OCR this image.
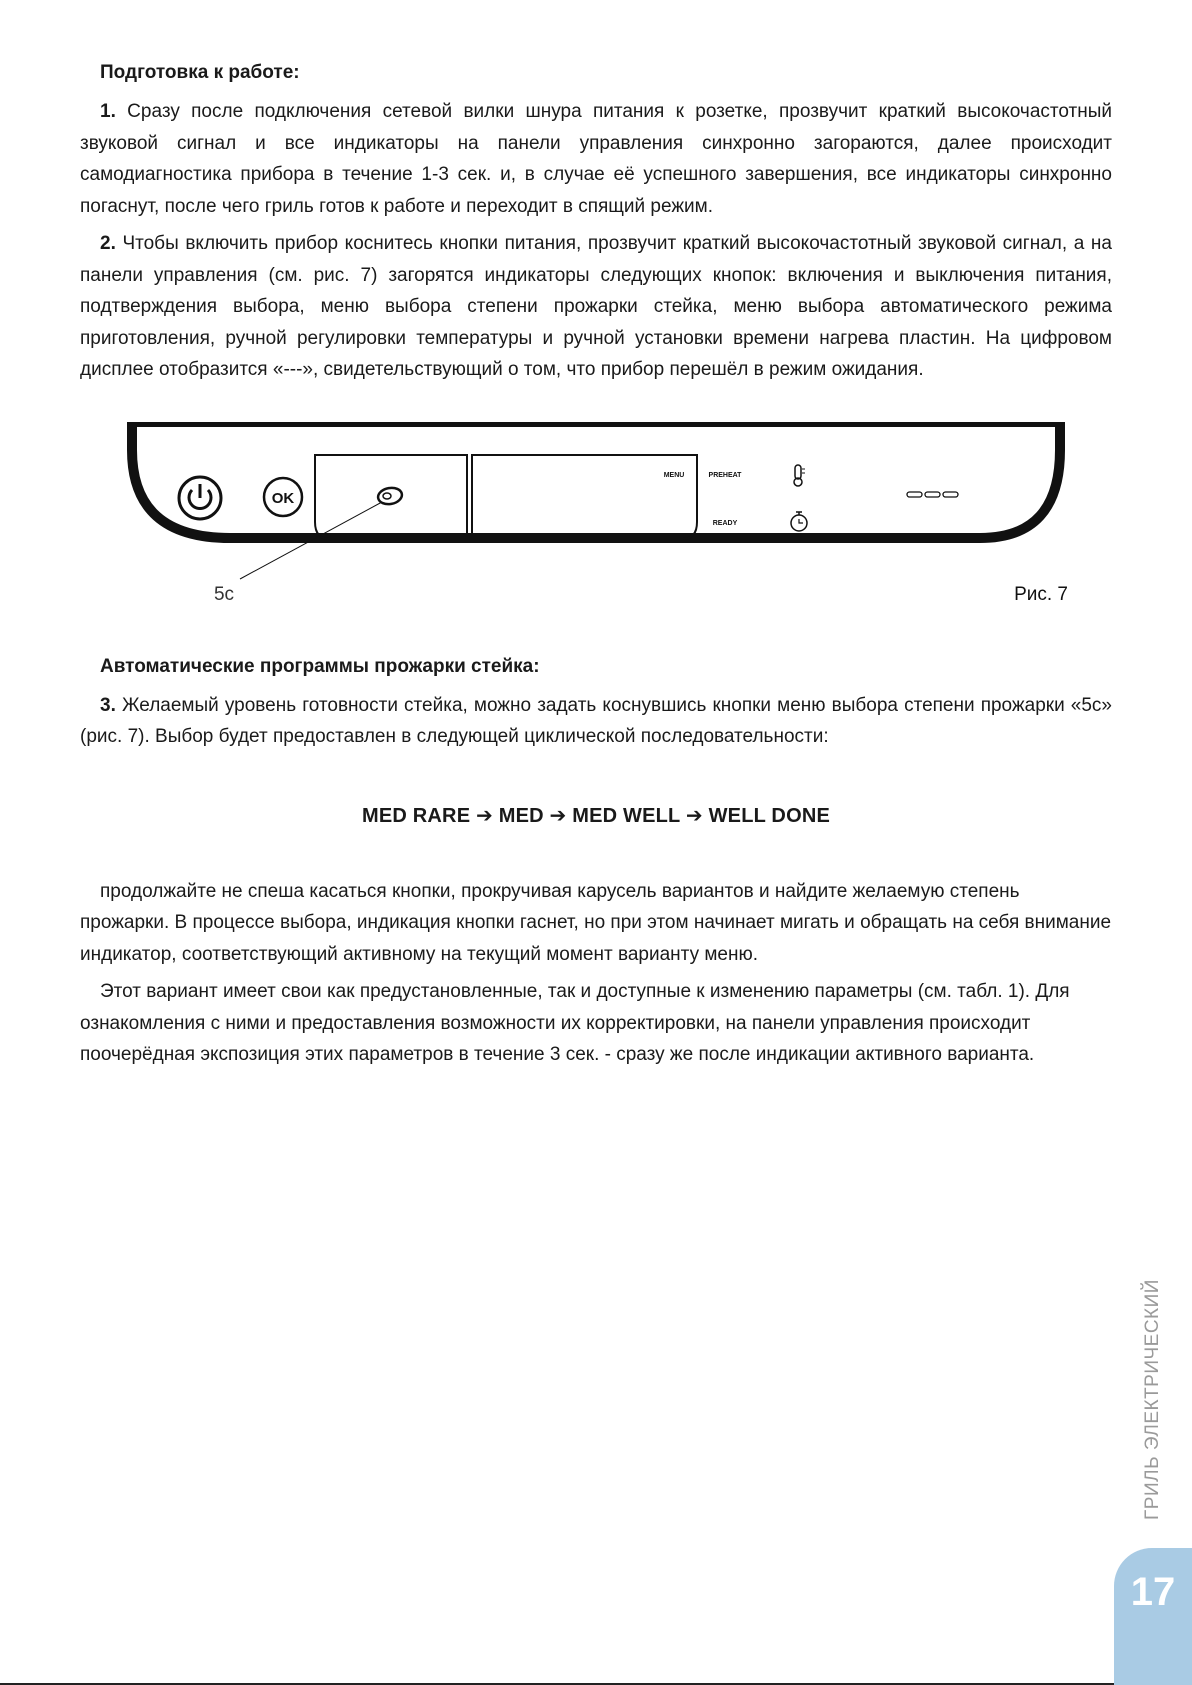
Подготовка к работе:

1. Сразу после подключения сетевой вилки шнура питания к розетке, прозвучит краткий высокочастотный звуковой сигнал и все индикаторы на панели управления синхронно загораются, далее происходит самодиагностика прибора в течение 1-3 сек. и, в случае её успешного завершения, все индикаторы синхронно погаснут, после чего гриль готов к работе и переходит в спящий режим.

2. Чтобы включить прибор коснитесь кнопки питания, прозвучит краткий высокочастотный звуковой сигнал, а на панели управления (см. рис. 7) загорятся индикаторы следующих кнопок: включения и выключения питания, подтверждения выбора, меню выбора степени прожарки стейка, меню выбора автоматического режима приготовления, ручной регулировки температуры и ручной установки времени нагрева пластин. На цифровом дисплее отобразится «---», свидетельствующий о том, что прибор перешёл в режим ожидания.

OK
MENU	PREHEAT
READY
5c	Рис. 7
Автоматические программы прожарки стейка:

3. Желаемый уровень готовности стейка, можно задать коснувшись кнопки меню выбора степени прожарки «5c» (рис. 7). Выбор будет предоставлен в следующей циклической последовательности:

MED RARE ➔ MED ➔ MED WELL ➔ WELL DONE

продолжайте не спеша касаться кнопки, прокручивая карусель вариантов и найдите желаемую степень прожарки. В процессе выбора, индикация кнопки гаснет, но при этом начинает мигать и обращать на себя внимание индикатор, соответствующий активному на текущий момент варианту меню.

Этот вариант имеет свои как предустановленные, так и доступные к изменению параметры (см. табл. 1). Для ознакомления с ними и предоставления возможности их корректировки, на панели управления происходит поочерёдная экспозиция этих параметров в течение 3 сек. - сразу же после индикации активного варианта.

ГРИЛЬ ЭЛЕКТРИЧЕСКИЙ
17
